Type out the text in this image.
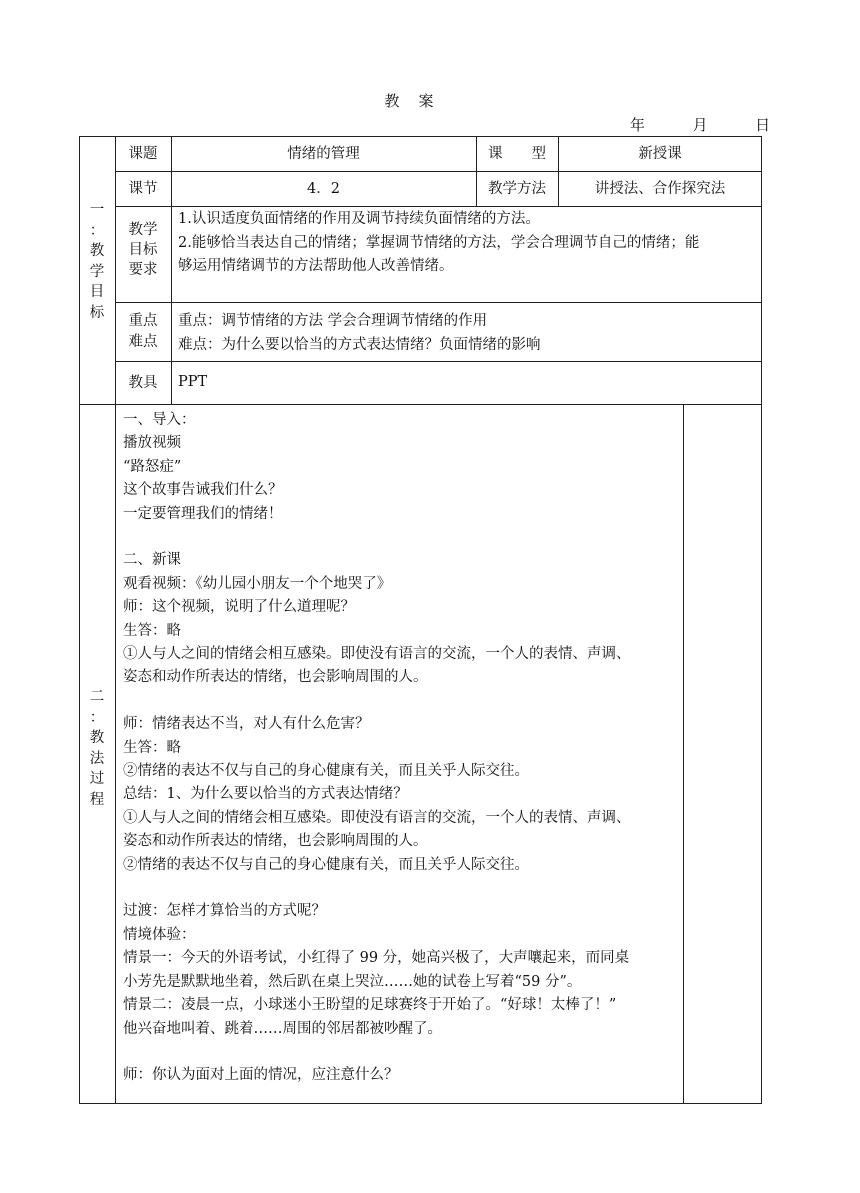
教　案
年	月	日
一
：
教
学
目
标
课题	情绪的管理	课　　型	新授课
课节	4．2	教学方法	讲授法、合作探究法
教学
目标
要求
1.认识适度负面情绪的作用及调节持续负面情绪的方法。
2.能够恰当表达自己的情绪；掌握调节情绪的方法，学会合理调节自己的情绪；能
够运用情绪调节的方法帮助他人改善情绪。
重点
难点
重点：调节情绪的方法 学会合理调节情绪的作用
难点：为什么要以恰当的方式表达情绪？负面情绪的影响
教具	PPT
二
：
教
法
过
程
一、导入：
播放视频
“路怒症”
这个故事告诫我们什么？
一定要管理我们的情绪！
二、新课
观看视频：《幼儿园小朋友一个个地哭了》
师：这个视频，说明了什么道理呢？
生答：略
①人与人之间的情绪会相互感染。即使没有语言的交流，一个人的表情、声调、
姿态和动作所表达的情绪，也会影响周围的人。
师：情绪表达不当，对人有什么危害？
生答：略
②情绪的表达不仅与自己的身心健康有关，而且关乎人际交往。
总结：1、为什么要以恰当的方式表达情绪？
①人与人之间的情绪会相互感染。即使没有语言的交流，一个人的表情、声调、
姿态和动作所表达的情绪，也会影响周围的人。
②情绪的表达不仅与自己的身心健康有关，而且关乎人际交往。
过渡：怎样才算恰当的方式呢？
情境体验：
情景一：今天的外语考试，小红得了 99 分，她高兴极了，大声嚷起来，而同桌
小芳先是默默地坐着，然后趴在桌上哭泣……她的试卷上写着“59 分”。
情景二：凌晨一点，小球迷小王盼望的足球赛终于开始了。“好球！太棒了！”
他兴奋地叫着、跳着……周围的邻居都被吵醒了。
师：你认为面对上面的情况，应注意什么？
